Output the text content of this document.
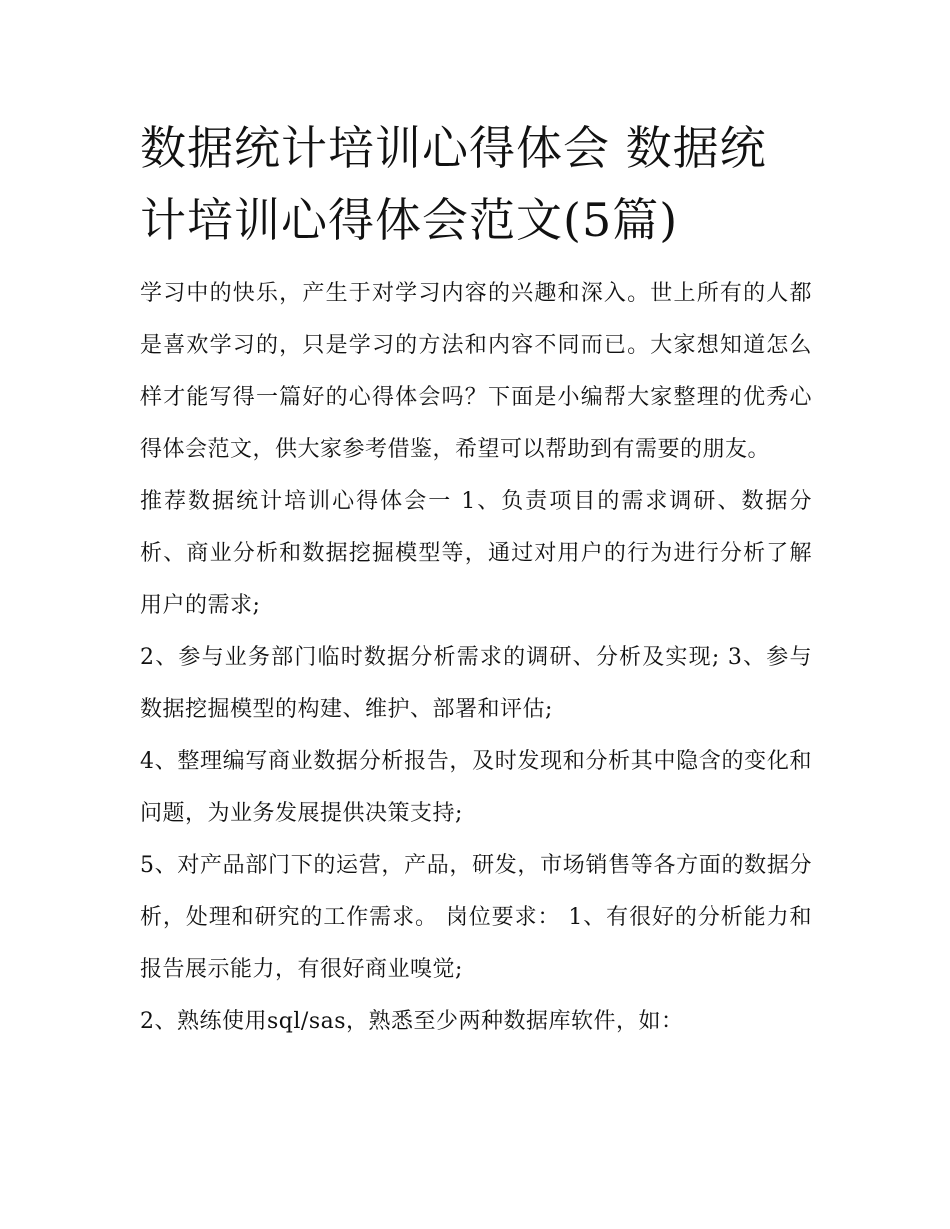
数据统计培训心得体会 数据统计培训心得体会范文(5篇)

学习中的快乐，产生于对学习内容的兴趣和深入。世上所有的人都是喜欢学习的，只是学习的方法和内容不同而已。大家想知道怎么样才能写得一篇好的心得体会吗？下面是小编帮大家整理的优秀心得体会范文，供大家参考借鉴，希望可以帮助到有需要的朋友。

推荐数据统计培训心得体会一 1、负责项目的需求调研、数据分析、商业分析和数据挖掘模型等，通过对用户的行为进行分析了解用户的需求;

2、参与业务部门临时数据分析需求的调研、分析及实现; 3、参与数据挖掘模型的构建、维护、部署和评估;

4、整理编写商业数据分析报告，及时发现和分析其中隐含的变化和问题，为业务发展提供决策支持;

5、对产品部门下的运营，产品，研发，市场销售等各方面的数据分析，处理和研究的工作需求。 岗位要求： 1、有很好的分析能力和报告展示能力，有很好商业嗅觉;

2、熟练使用sql/sas，熟悉至少两种数据库软件，如：
